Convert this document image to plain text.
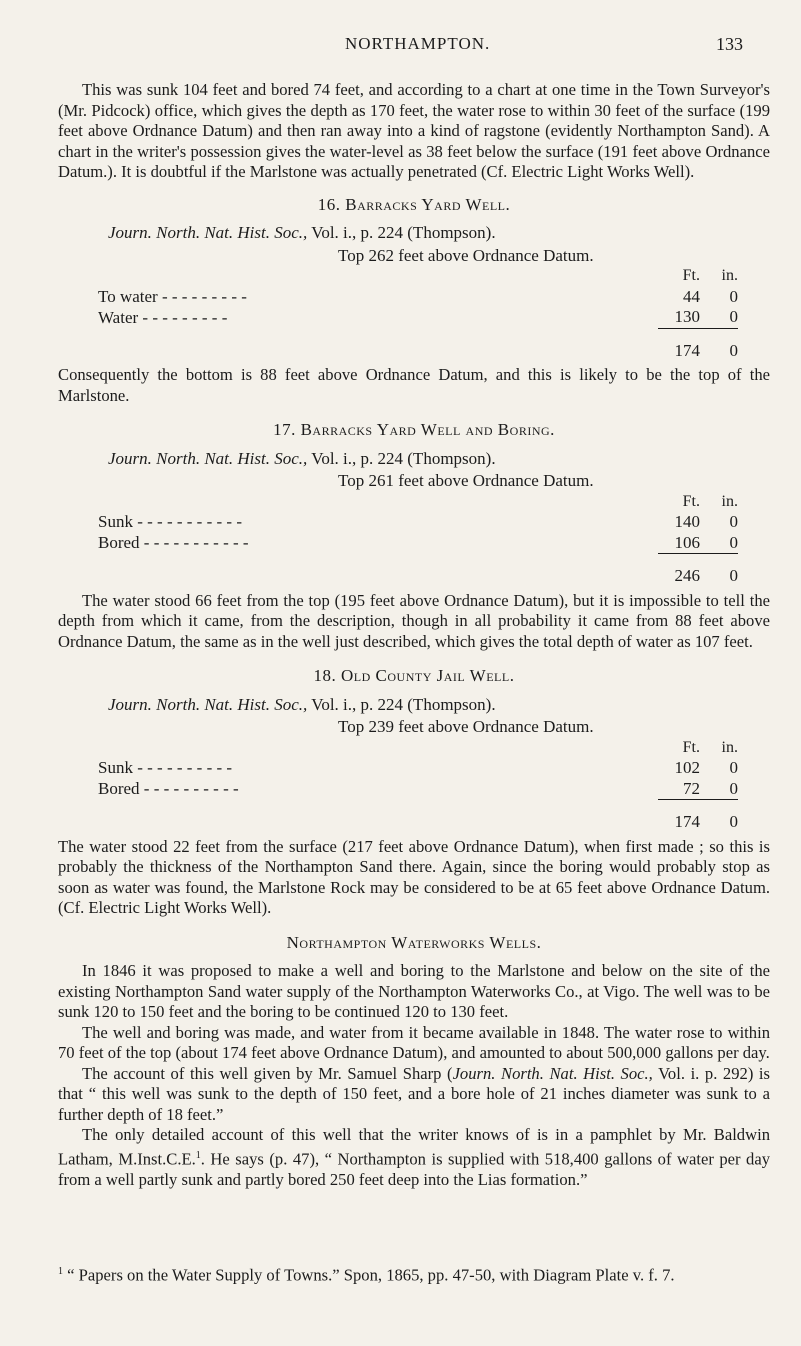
NORTHAMPTON.	133

This was sunk 104 feet and bored 74 feet, and according to a chart at one time in the Town Surveyor's (Mr. Pidcock) office, which gives the depth as 170 feet, the water rose to within 30 feet of the surface (199 feet above Ordnance Datum) and then ran away into a kind of ragstone (evidently Northampton Sand). A chart in the writer's possession gives the water-level as 38 feet below the surface (191 feet above Ordnance Datum.). It is doubtful if the Marlstone was actually penetrated (Cf. Electric Light Works Well).

16. Barracks Yard Well.
Journ. North. Nat. Hist. Soc., Vol. i., p. 224 (Thompson).
Top 262 feet above Ordnance Datum.
	Ft.	in.
To water - - - - - - - - -	44	0
Water - - - - - - - - -	130	0
	174	0

Consequently the bottom is 88 feet above Ordnance Datum, and this is likely to be the top of the Marlstone.

17. Barracks Yard Well and Boring.
Journ. North. Nat. Hist. Soc., Vol. i., p. 224 (Thompson).
Top 261 feet above Ordnance Datum.
	Ft.	in.
Sunk - - - - - - - - - - -	140	0
Bored - - - - - - - - - - -	106	0
	246	0

The water stood 66 feet from the top (195 feet above Ordnance Datum), but it is impossible to tell the depth from which it came, from the description, though in all probability it came from 88 feet above Ordnance Datum, the same as in the well just described, which gives the total depth of water as 107 feet.

18. Old County Jail Well.
Journ. North. Nat. Hist. Soc., Vol. i., p. 224 (Thompson).
Top 239 feet above Ordnance Datum.
	Ft.	in.
Sunk - - - - - - - - - -	102	0
Bored - - - - - - - - - -	72	0
	174	0

The water stood 22 feet from the surface (217 feet above Ordnance Datum), when first made ; so this is probably the thickness of the Northampton Sand there. Again, since the boring would probably stop as soon as water was found, the Marlstone Rock may be considered to be at 65 feet above Ordnance Datum. (Cf. Electric Light Works Well).

Northampton Waterworks Wells.

In 1846 it was proposed to make a well and boring to the Marlstone and below on the site of the existing Northampton Sand water supply of the Northampton Waterworks Co., at Vigo. The well was to be sunk 120 to 150 feet and the boring to be continued 120 to 130 feet.

The well and boring was made, and water from it became available in 1848. The water rose to within 70 feet of the top (about 174 feet above Ordnance Datum), and amounted to about 500,000 gallons per day.

The account of this well given by Mr. Samuel Sharp (Journ. North. Nat. Hist. Soc., Vol. i. p. 292) is that “ this well was sunk to the depth of 150 feet, and a bore hole of 21 inches diameter was sunk to a further depth of 18 feet.”

The only detailed account of this well that the writer knows of is in a pamphlet by Mr. Baldwin Latham, M.Inst.C.E.$^1$. He says (p. 47), “ Northampton is supplied with 518,400 gallons of water per day from a well partly sunk and partly bored 250 feet deep into the Lias formation.”

$^1$ “ Papers on the Water Supply of Towns.” Spon, 1865, pp. 47-50, with Diagram Plate v. f. 7.
